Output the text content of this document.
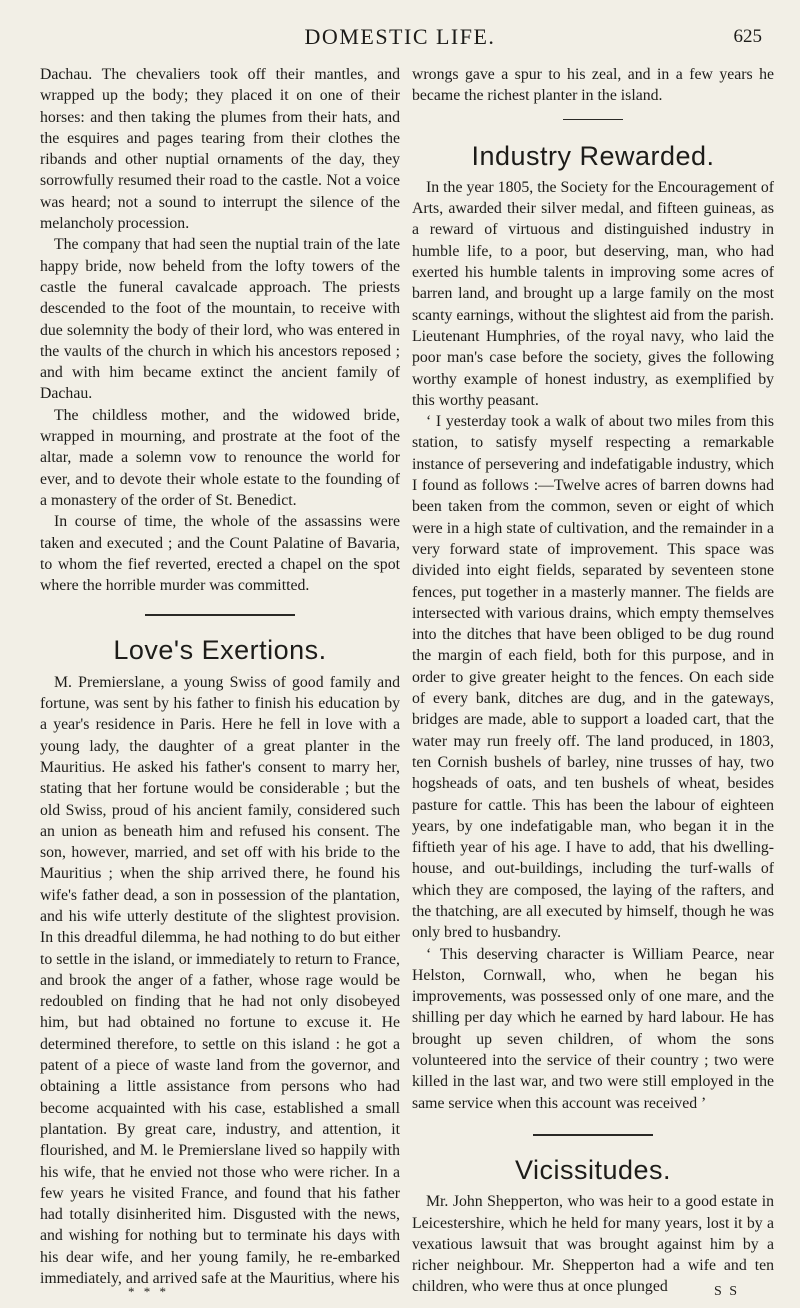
DOMESTIC LIFE.	625

Dachau. The chevaliers took off their mantles, and wrapped up the body; they placed it on one of their horses: and then taking the plumes from their hats, and the esquires and pages tearing from their clothes the ribands and other nuptial ornaments of the day, they sorrowfully resumed their road to the castle. Not a voice was heard; not a sound to interrupt the silence of the melancholy procession.

The company that had seen the nuptial train of the late happy bride, now beheld from the lofty towers of the castle the funeral cavalcade approach. The priests descended to the foot of the mountain, to receive with due solemnity the body of their lord, who was entered in the vaults of the church in which his ancestors reposed ; and with him became extinct the ancient family of Dachau.

The childless mother, and the widowed bride, wrapped in mourning, and prostrate at the foot of the altar, made a solemn vow to renounce the world for ever, and to devote their whole estate to the founding of a monastery of the order of St. Benedict.

In course of time, the whole of the assassins were taken and executed ; and the Count Palatine of Bavaria, to whom the fief reverted, erected a chapel on the spot where the horrible murder was committed.

Love's Exertions.

M. Premierslane, a young Swiss of good family and fortune, was sent by his father to finish his education by a year's residence in Paris. Here he fell in love with a young lady, the daughter of a great planter in the Mauritius. He asked his father's consent to marry her, stating that her fortune would be considerable ; but the old Swiss, proud of his ancient family, considered such an union as beneath him and refused his consent. The son, however, married, and set off with his bride to the Mauritius ; when the ship arrived there, he found his wife's father dead, a son in possession of the plantation, and his wife utterly destitute of the slightest provision. In this dreadful dilemma, he had nothing to do but either to settle in the island, or immediately to return to France, and brook the anger of a father, whose rage would be redoubled on finding that he had not only disobeyed him, but had obtained no fortune to excuse it. He determined therefore, to settle on this island : he got a patent of a piece of waste land from the governor, and obtaining a little assistance from persons who had become acquainted with his case, established a small plantation. By great care, industry, and attention, it flourished, and M. le Premierslane lived so happily with his wife, that he envied not those who were richer. In a few years he visited France, and found that his father had totally disinherited him. Disgusted with the news, and wishing for nothing but to terminate his days with his dear wife, and her young family, he re-embarked immediately, and arrived safe at the Mauritius, where his

wrongs gave a spur to his zeal, and in a few years he became the richest planter in the island.

Industry Rewarded.

In the year 1805, the Society for the Encouragement of Arts, awarded their silver medal, and fifteen guineas, as a reward of virtuous and distinguished industry in humble life, to a poor, but deserving, man, who had exerted his humble talents in improving some acres of barren land, and brought up a large family on the most scanty earnings, without the slightest aid from the parish. Lieutenant Humphries, of the royal navy, who laid the poor man's case before the society, gives the following worthy example of honest industry, as exemplified by this worthy peasant.

‘ I yesterday took a walk of about two miles from this station, to satisfy myself respecting a remarkable instance of persevering and indefatigable industry, which I found as follows :—Twelve acres of barren downs had been taken from the common, seven or eight of which were in a high state of cultivation, and the remainder in a very forward state of improvement. This space was divided into eight fields, separated by seventeen stone fences, put together in a masterly manner. The fields are intersected with various drains, which empty themselves into the ditches that have been obliged to be dug round the margin of each field, both for this purpose, and in order to give greater height to the fences. On each side of every bank, ditches are dug, and in the gateways, bridges are made, able to support a loaded cart, that the water may run freely off. The land produced, in 1803, ten Cornish bushels of barley, nine trusses of hay, two hogsheads of oats, and ten bushels of wheat, besides pasture for cattle. This has been the labour of eighteen years, by one indefatigable man, who began it in the fiftieth year of his age. I have to add, that his dwelling-house, and out-buildings, including the turf-walls of which they are composed, the laying of the rafters, and the thatching, are all executed by himself, though he was only bred to husbandry.

‘ This deserving character is William Pearce, near Helston, Cornwall, who, when he began his improvements, was possessed only of one mare, and the shilling per day which he earned by hard labour. He has brought up seven children, of whom the sons volunteered into the service of their country ; two were killed in the last war, and two were still employed in the same service when this account was received ’

Vicissitudes.

Mr. John Shepperton, who was heir to a good estate in Leicestershire, which he held for many years, lost it by a vexatious lawsuit that was brought against him by a richer neighbour. Mr. Shepperton had a wife and ten children, who were thus at once plunged

* * *	S S
